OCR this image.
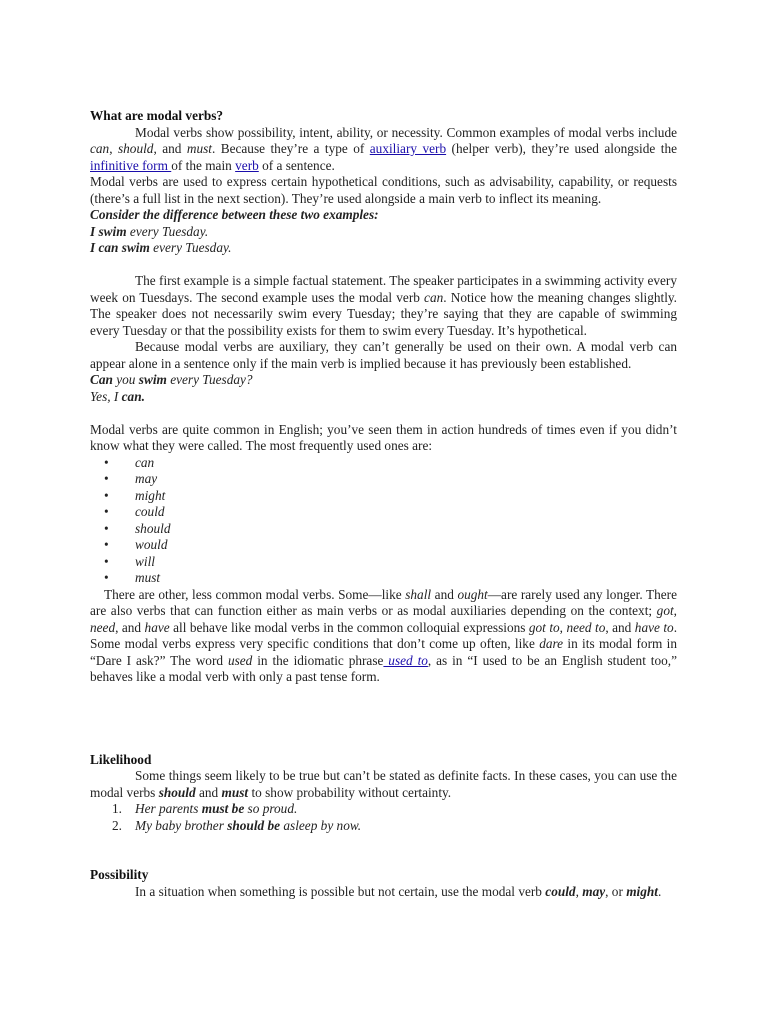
What are modal verbs?

Modal verbs show possibility, intent, ability, or necessity. Common examples of modal verbs include can, should, and must. Because they’re a type of auxiliary verb (helper verb), they’re used alongside the infinitive form of the main verb of a sentence.

Modal verbs are used to express certain hypothetical conditions, such as advisability, capability, or requests (there’s a full list in the next section). They’re used alongside a main verb to inflect its meaning.

Consider the difference between these two examples:

I swim every Tuesday.

I can swim every Tuesday.

The first example is a simple factual statement. The speaker participates in a swimming activity every week on Tuesdays. The second example uses the modal verb can. Notice how the meaning changes slightly. The speaker does not necessarily swim every Tuesday; they’re saying that they are capable of swimming every Tuesday or that the possibility exists for them to swim every Tuesday. It’s hypothetical.

Because modal verbs are auxiliary, they can’t generally be used on their own. A modal verb can appear alone in a sentence only if the main verb is implied because it has previously been established.

Can you swim every Tuesday?

Yes, I can.

Modal verbs are quite common in English; you’ve seen them in action hundreds of times even if you didn’t know what they were called. The most frequently used ones are:

• can
• may
• might
• could
• should
• would
• will
• must

There are other, less common modal verbs. Some—like shall and ought—are rarely used any longer. There are also verbs that can function either as main verbs or as modal auxiliaries depending on the context; got, need, and have all behave like modal verbs in the common colloquial expressions got to, need to, and have to. Some modal verbs express very specific conditions that don’t come up often, like dare in its modal form in “Dare I ask?” The word used in the idiomatic phrase used to, as in “I used to be an English student too,” behaves like a modal verb with only a past tense form.

Likelihood

Some things seem likely to be true but can’t be stated as definite facts. In these cases, you can use the modal verbs should and must to show probability without certainty.

1. Her parents must be so proud.
2. My baby brother should be asleep by now.
Possibility

In a situation when something is possible but not certain, use the modal verb could, may, or might.
